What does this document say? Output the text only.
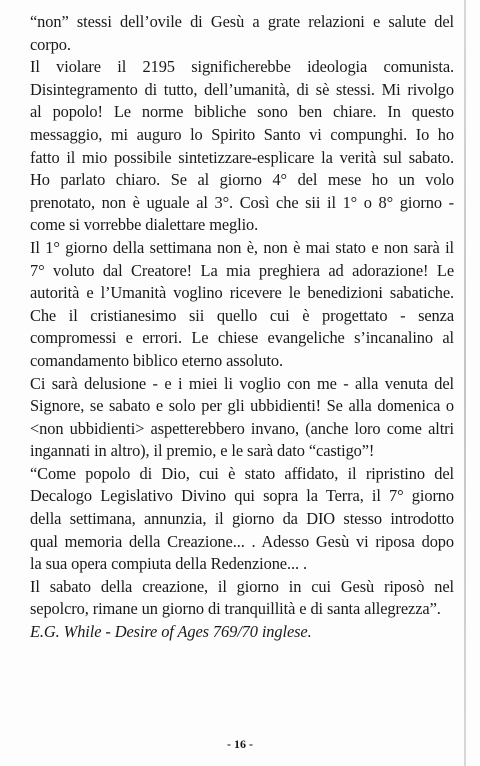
“non” stessi dell’ovile di Gesù a grate relazioni e salute del
corpo.
Il violare il 2195 significherebbe ideologia comunista.
Disintegramento di tutto, dell’umanità, di sè stessi. Mi rivolgo
al popolo! Le norme bibliche sono ben chiare. In questo
messaggio, mi auguro lo Spirito Santo vi compunghi. Io ho
fatto il mio possibile sintetizzare-esplicare la verità sul sabato.
Ho parlato chiaro. Se al giorno 4° del mese ho un volo
prenotato, non è uguale al 3°. Così che sii il 1° o 8° giorno -
come si vorrebbe dialettare meglio.
Il 1° giorno della settimana non è, non è mai stato e non sarà il
7° voluto dal Creatore! La mia preghiera ad adorazione! Le
autorità e l’Umanità voglino ricevere le benedizioni sabatiche.
Che il cristianesimo sii quello cui è progettato - senza
compromessi e errori. Le chiese evangeliche s’incanalino al
comandamento biblico eterno assoluto.
Ci sarà delusione - e i miei li voglio con me - alla venuta del
Signore, se sabato e solo per gli ubbidienti! Se alla domenica o
<non ubbidienti> aspetterebbero invano, (anche loro come altri
ingannati in altro), il premio, e le sarà dato “castigo”!
“Come popolo di Dio, cui è stato affidato, il ripristino del
Decalogo Legislativo Divino qui sopra la Terra, il 7° giorno
della settimana, annunzia, il giorno da DIO stesso introdotto
qual memoria della Creazione... . Adesso Gesù vi riposa dopo
la sua opera compiuta della Redenzione... .
Il sabato della creazione, il giorno in cui Gesù riposò nel
sepolcro, rimane un giorno di tranquillità e di santa allegrezza”.
E.G. While - Desire of Ages 769/70 inglese.
- 16 -
